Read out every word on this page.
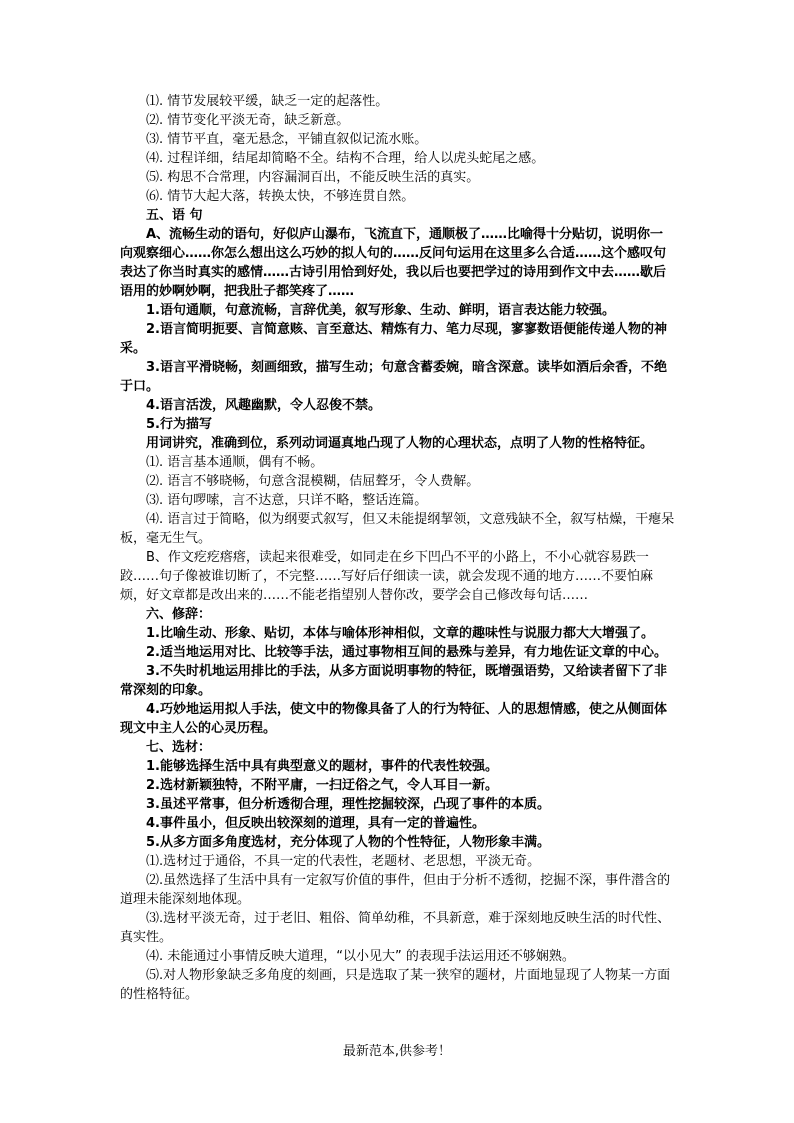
⑴. 情节发展较平缓，缺乏一定的起落性。
⑵. 情节变化平淡无奇，缺乏新意。
⑶. 情节平直，毫无悬念，平铺直叙似记流水账。
⑷. 过程详细，结尾却简略不全。结构不合理，给人以虎头蛇尾之感。
⑸. 构思不合常理，内容漏洞百出，不能反映生活的真实。
⑹. 情节大起大落，转换太快，不够连贯自然。
五、语 句
A、流畅生动的语句，好似庐山瀑布，飞流直下，通顺极了……比喻得十分贴切，说明你一向观察细心……你怎么想出这么巧妙的拟人句的……反问句运用在这里多么合适……这个感叹句表达了你当时真实的感情……古诗引用恰到好处，我以后也要把学过的诗用到作文中去……歇后语用的妙啊妙啊，把我肚子都笑疼了……
1.语句通顺，句意流畅，言辞优美，叙写形象、生动、鲜明，语言表达能力较强。
2.语言简明扼要、言简意赅、言至意达、精炼有力、笔力尽现，寥寥数语便能传递人物的神采。
3.语言平滑晓畅，刻画细致，描写生动；句意含蓄委婉，暗含深意。读毕如酒后余香，不绝于口。
4.语言活泼，风趣幽默，令人忍俊不禁。
5.行为描写
用词讲究，准确到位，系列动词逼真地凸现了人物的心理状态，点明了人物的性格特征。
⑴. 语言基本通顺，偶有不畅。
⑵. 语言不够晓畅，句意含混模糊，佶屈聱牙，令人费解。
⑶. 语句啰嗦，言不达意，只详不略，整话连篇。
⑷. 语言过于简略，似为纲要式叙写，但又未能提纲挈领，文意残缺不全，叙写枯燥，干瘪呆板，毫无生气。
B、作文疙疙瘩瘩，读起来很难受，如同走在乡下凹凸不平的小路上，不小心就容易跌一跤……句子像被谁切断了，不完整……写好后仔细读一读，就会发现不通的地方……不要怕麻烦，好文章都是改出来的……不能老指望别人替你改，要学会自己修改每句话……
六、修辞：
1.比喻生动、形象、贴切，本体与喻体形神相似，文章的趣味性与说服力都大大增强了。
2.适当地运用对比、比较等手法，通过事物相互间的悬殊与差异，有力地佐证文章的中心。
3.不失时机地运用排比的手法，从多方面说明事物的特征，既增强语势，又给读者留下了非常深刻的印象。
4.巧妙地运用拟人手法，使文中的物像具备了人的行为特征、人的思想情感，使之从侧面体现文中主人公的心灵历程。
七、选材：
1.能够选择生活中具有典型意义的题材，事件的代表性较强。
2.选材新颖独特，不附平庸，一扫迂俗之气，令人耳目一新。
3.虽述平常事，但分析透彻合理，理性挖掘较深，凸现了事件的本质。
4.事件虽小，但反映出较深刻的道理，具有一定的普遍性。
5.从多方面多角度选材，充分体现了人物的个性特征，人物形象丰满。
⑴.选材过于通俗，不具一定的代表性，老题材、老思想，平淡无奇。
⑵.虽然选择了生活中具有一定叙写价值的事件，但由于分析不透彻，挖掘不深，事件潜含的道理未能深刻地体现。
⑶.选材平淡无奇，过于老旧、粗俗、简单幼稚，不具新意，难于深刻地反映生活的时代性、真实性。
⑷. 未能通过小事情反映大道理，“以小见大” 的表现手法运用还不够娴熟。
⑸.对人物形象缺乏多角度的刻画，只是选取了某一狭窄的题材，片面地显现了人物某一方面的性格特征。
最新范本,供参考！
